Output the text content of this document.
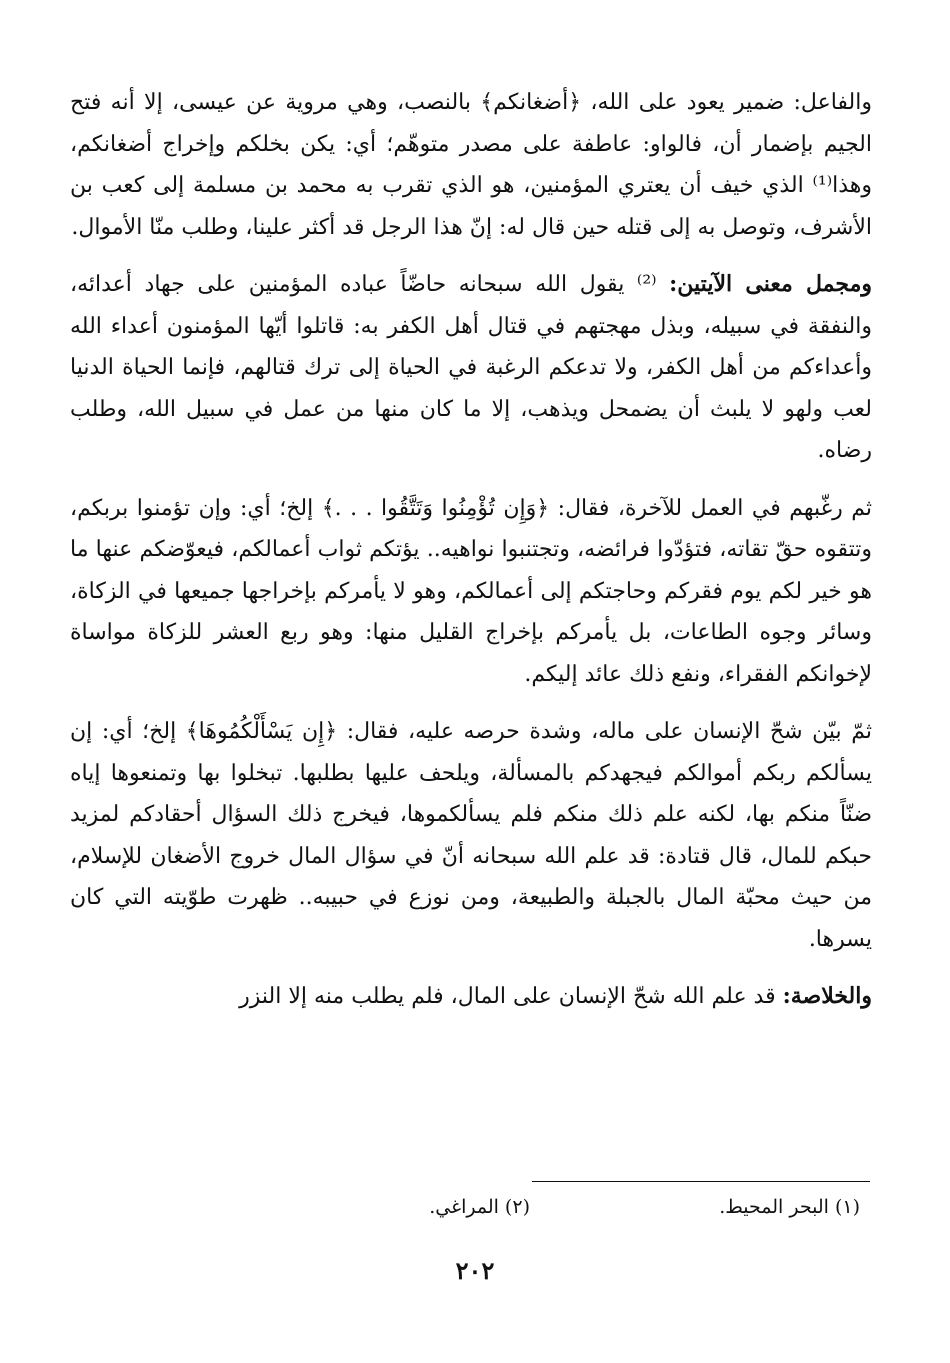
والفاعل: ضمير يعود على الله، ﴿أضغانكم﴾ بالنصب، وهي مروية عن عيسى، إلا أنه فتح الجيم بإضمار أن، فالواو: عاطفة على مصدر متوهّم؛ أي: يكن بخلكم وإخراج أضغانكم، وهذا⁽¹⁾ الذي خيف أن يعتري المؤمنين، هو الذي تقرب به محمد بن مسلمة إلى كعب بن الأشرف، وتوصل به إلى قتله حين قال له: إنّ هذا الرجل قد أكثر علينا، وطلب منّا الأموال.

ومجمل معنى الآيتين: ⁽²⁾ يقول الله سبحانه حاضّاً عباده المؤمنين على جهاد أعدائه، والنفقة في سبيله، وبذل مهجتهم في قتال أهل الكفر به: قاتلوا أيّها المؤمنون أعداء الله وأعداءكم من أهل الكفر، ولا تدعكم الرغبة في الحياة إلى ترك قتالهم، فإنما الحياة الدنيا لعب ولهو لا يلبث أن يضمحل ويذهب، إلا ما كان منها من عمل في سبيل الله، وطلب رضاه.

ثم رغّبهم في العمل للآخرة، فقال: ﴿وَإِن تُؤْمِنُوا وَتَتَّقُوا . . .﴾ إلخ؛ أي: وإن تؤمنوا بربكم، وتتقوه حقّ تقاته، فتؤدّوا فرائضه، وتجتنبوا نواهيه.. يؤتكم ثواب أعمالكم، فيعوّضكم عنها ما هو خير لكم يوم فقركم وحاجتكم إلى أعمالكم، وهو لا يأمركم بإخراجها جميعها في الزكاة، وسائر وجوه الطاعات، بل يأمركم بإخراج القليل منها: وهو ربع العشر للزكاة مواساة لإخوانكم الفقراء، ونفع ذلك عائد إليكم.

ثمّ بيّن شحّ الإنسان على ماله، وشدة حرصه عليه، فقال: ﴿إِن يَسْأَلْكُمُوهَا﴾ إلخ؛ أي: إن يسألكم ربكم أموالكم فيجهدكم بالمسألة، ويلحف عليها بطلبها. تبخلوا بها وتمنعوها إياه ضنّاً منكم بها، لكنه علم ذلك منكم فلم يسألكموها، فيخرج ذلك السؤال أحقادكم لمزيد حبكم للمال، قال قتادة: قد علم الله سبحانه أنّ في سؤال المال خروج الأضغان للإسلام، من حيث محبّة المال بالجبلة والطبيعة، ومن نوزع في حبيبه.. ظهرت طوّيته التي كان يسرها.

والخلاصة: قد علم الله شحّ الإنسان على المال، فلم يطلب منه إلا النزر

(١) البحر المحيط.
(٢) المراغي.
٢٠٢
